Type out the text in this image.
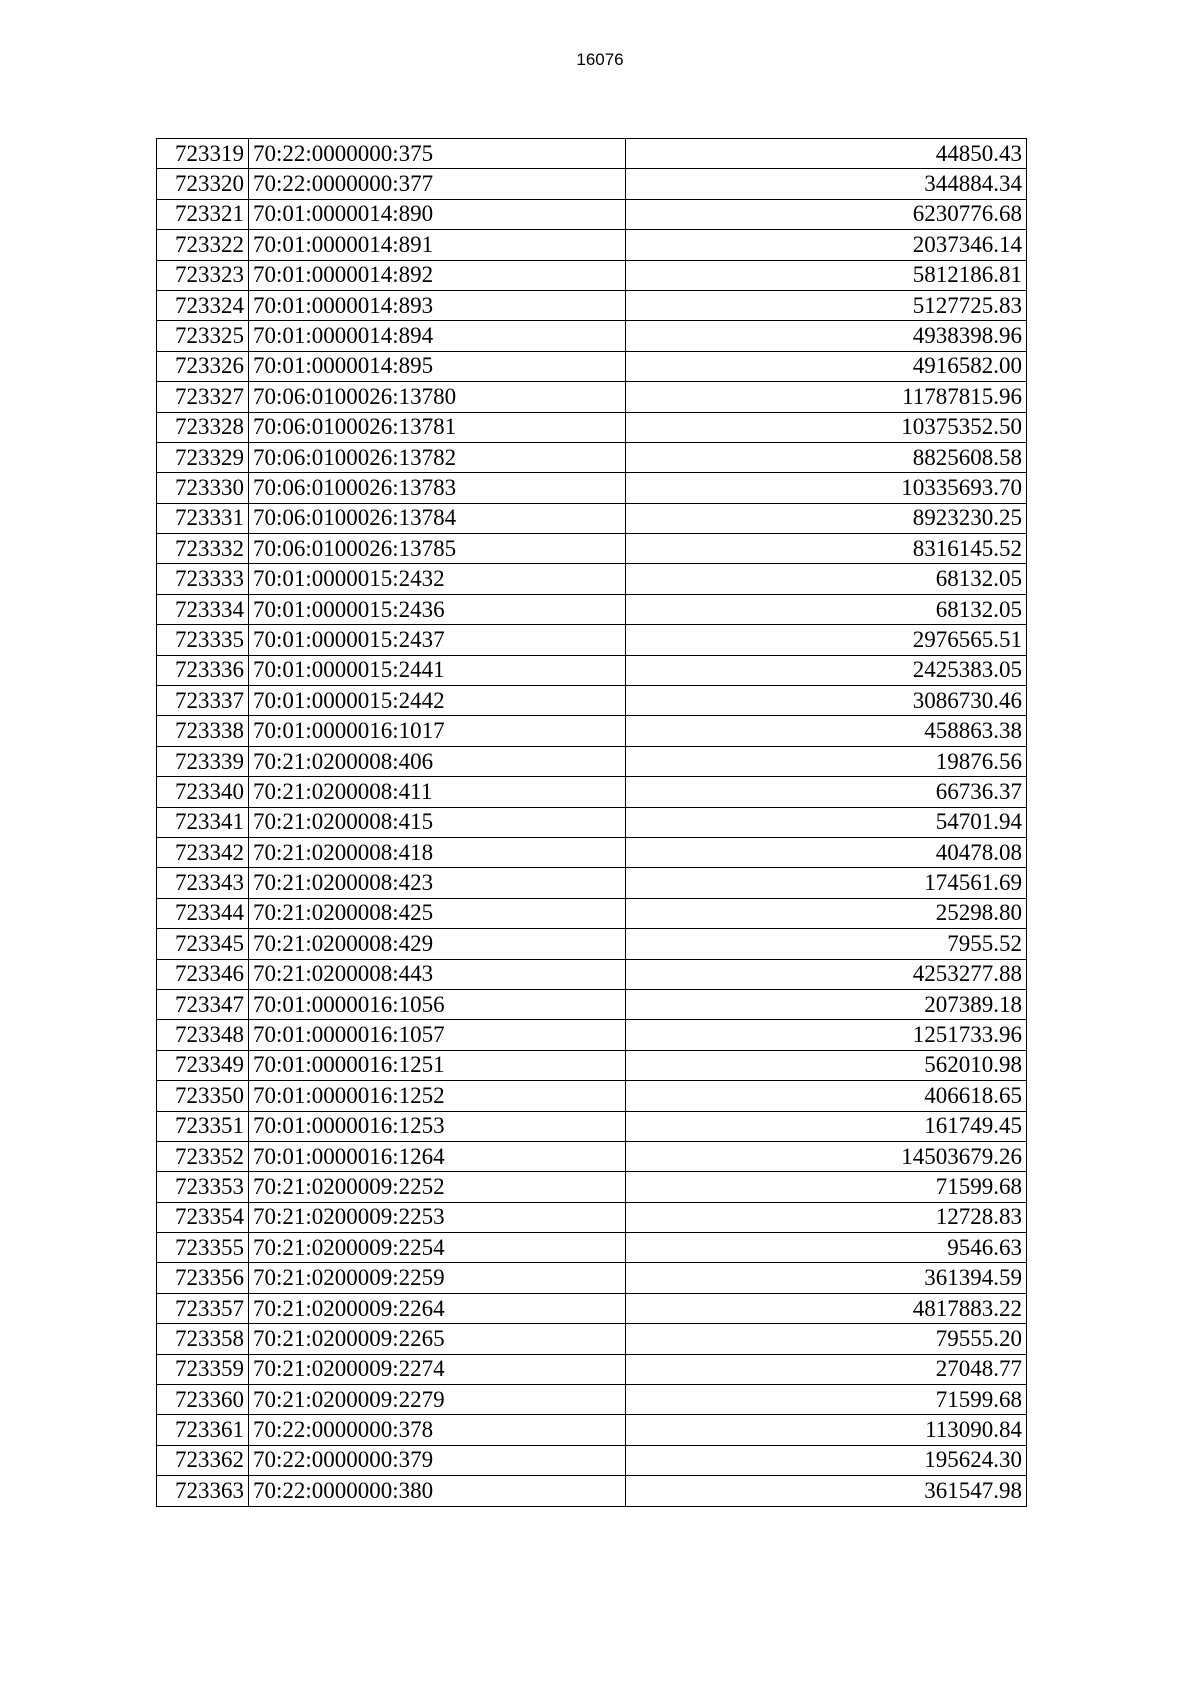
16076
723319	70:22:0000000:375	44850.43
723320	70:22:0000000:377	344884.34
723321	70:01:0000014:890	6230776.68
723322	70:01:0000014:891	2037346.14
723323	70:01:0000014:892	5812186.81
723324	70:01:0000014:893	5127725.83
723325	70:01:0000014:894	4938398.96
723326	70:01:0000014:895	4916582.00
723327	70:06:0100026:13780	11787815.96
723328	70:06:0100026:13781	10375352.50
723329	70:06:0100026:13782	8825608.58
723330	70:06:0100026:13783	10335693.70
723331	70:06:0100026:13784	8923230.25
723332	70:06:0100026:13785	8316145.52
723333	70:01:0000015:2432	68132.05
723334	70:01:0000015:2436	68132.05
723335	70:01:0000015:2437	2976565.51
723336	70:01:0000015:2441	2425383.05
723337	70:01:0000015:2442	3086730.46
723338	70:01:0000016:1017	458863.38
723339	70:21:0200008:406	19876.56
723340	70:21:0200008:411	66736.37
723341	70:21:0200008:415	54701.94
723342	70:21:0200008:418	40478.08
723343	70:21:0200008:423	174561.69
723344	70:21:0200008:425	25298.80
723345	70:21:0200008:429	7955.52
723346	70:21:0200008:443	4253277.88
723347	70:01:0000016:1056	207389.18
723348	70:01:0000016:1057	1251733.96
723349	70:01:0000016:1251	562010.98
723350	70:01:0000016:1252	406618.65
723351	70:01:0000016:1253	161749.45
723352	70:01:0000016:1264	14503679.26
723353	70:21:0200009:2252	71599.68
723354	70:21:0200009:2253	12728.83
723355	70:21:0200009:2254	9546.63
723356	70:21:0200009:2259	361394.59
723357	70:21:0200009:2264	4817883.22
723358	70:21:0200009:2265	79555.20
723359	70:21:0200009:2274	27048.77
723360	70:21:0200009:2279	71599.68
723361	70:22:0000000:378	113090.84
723362	70:22:0000000:379	195624.30
723363	70:22:0000000:380	361547.98
